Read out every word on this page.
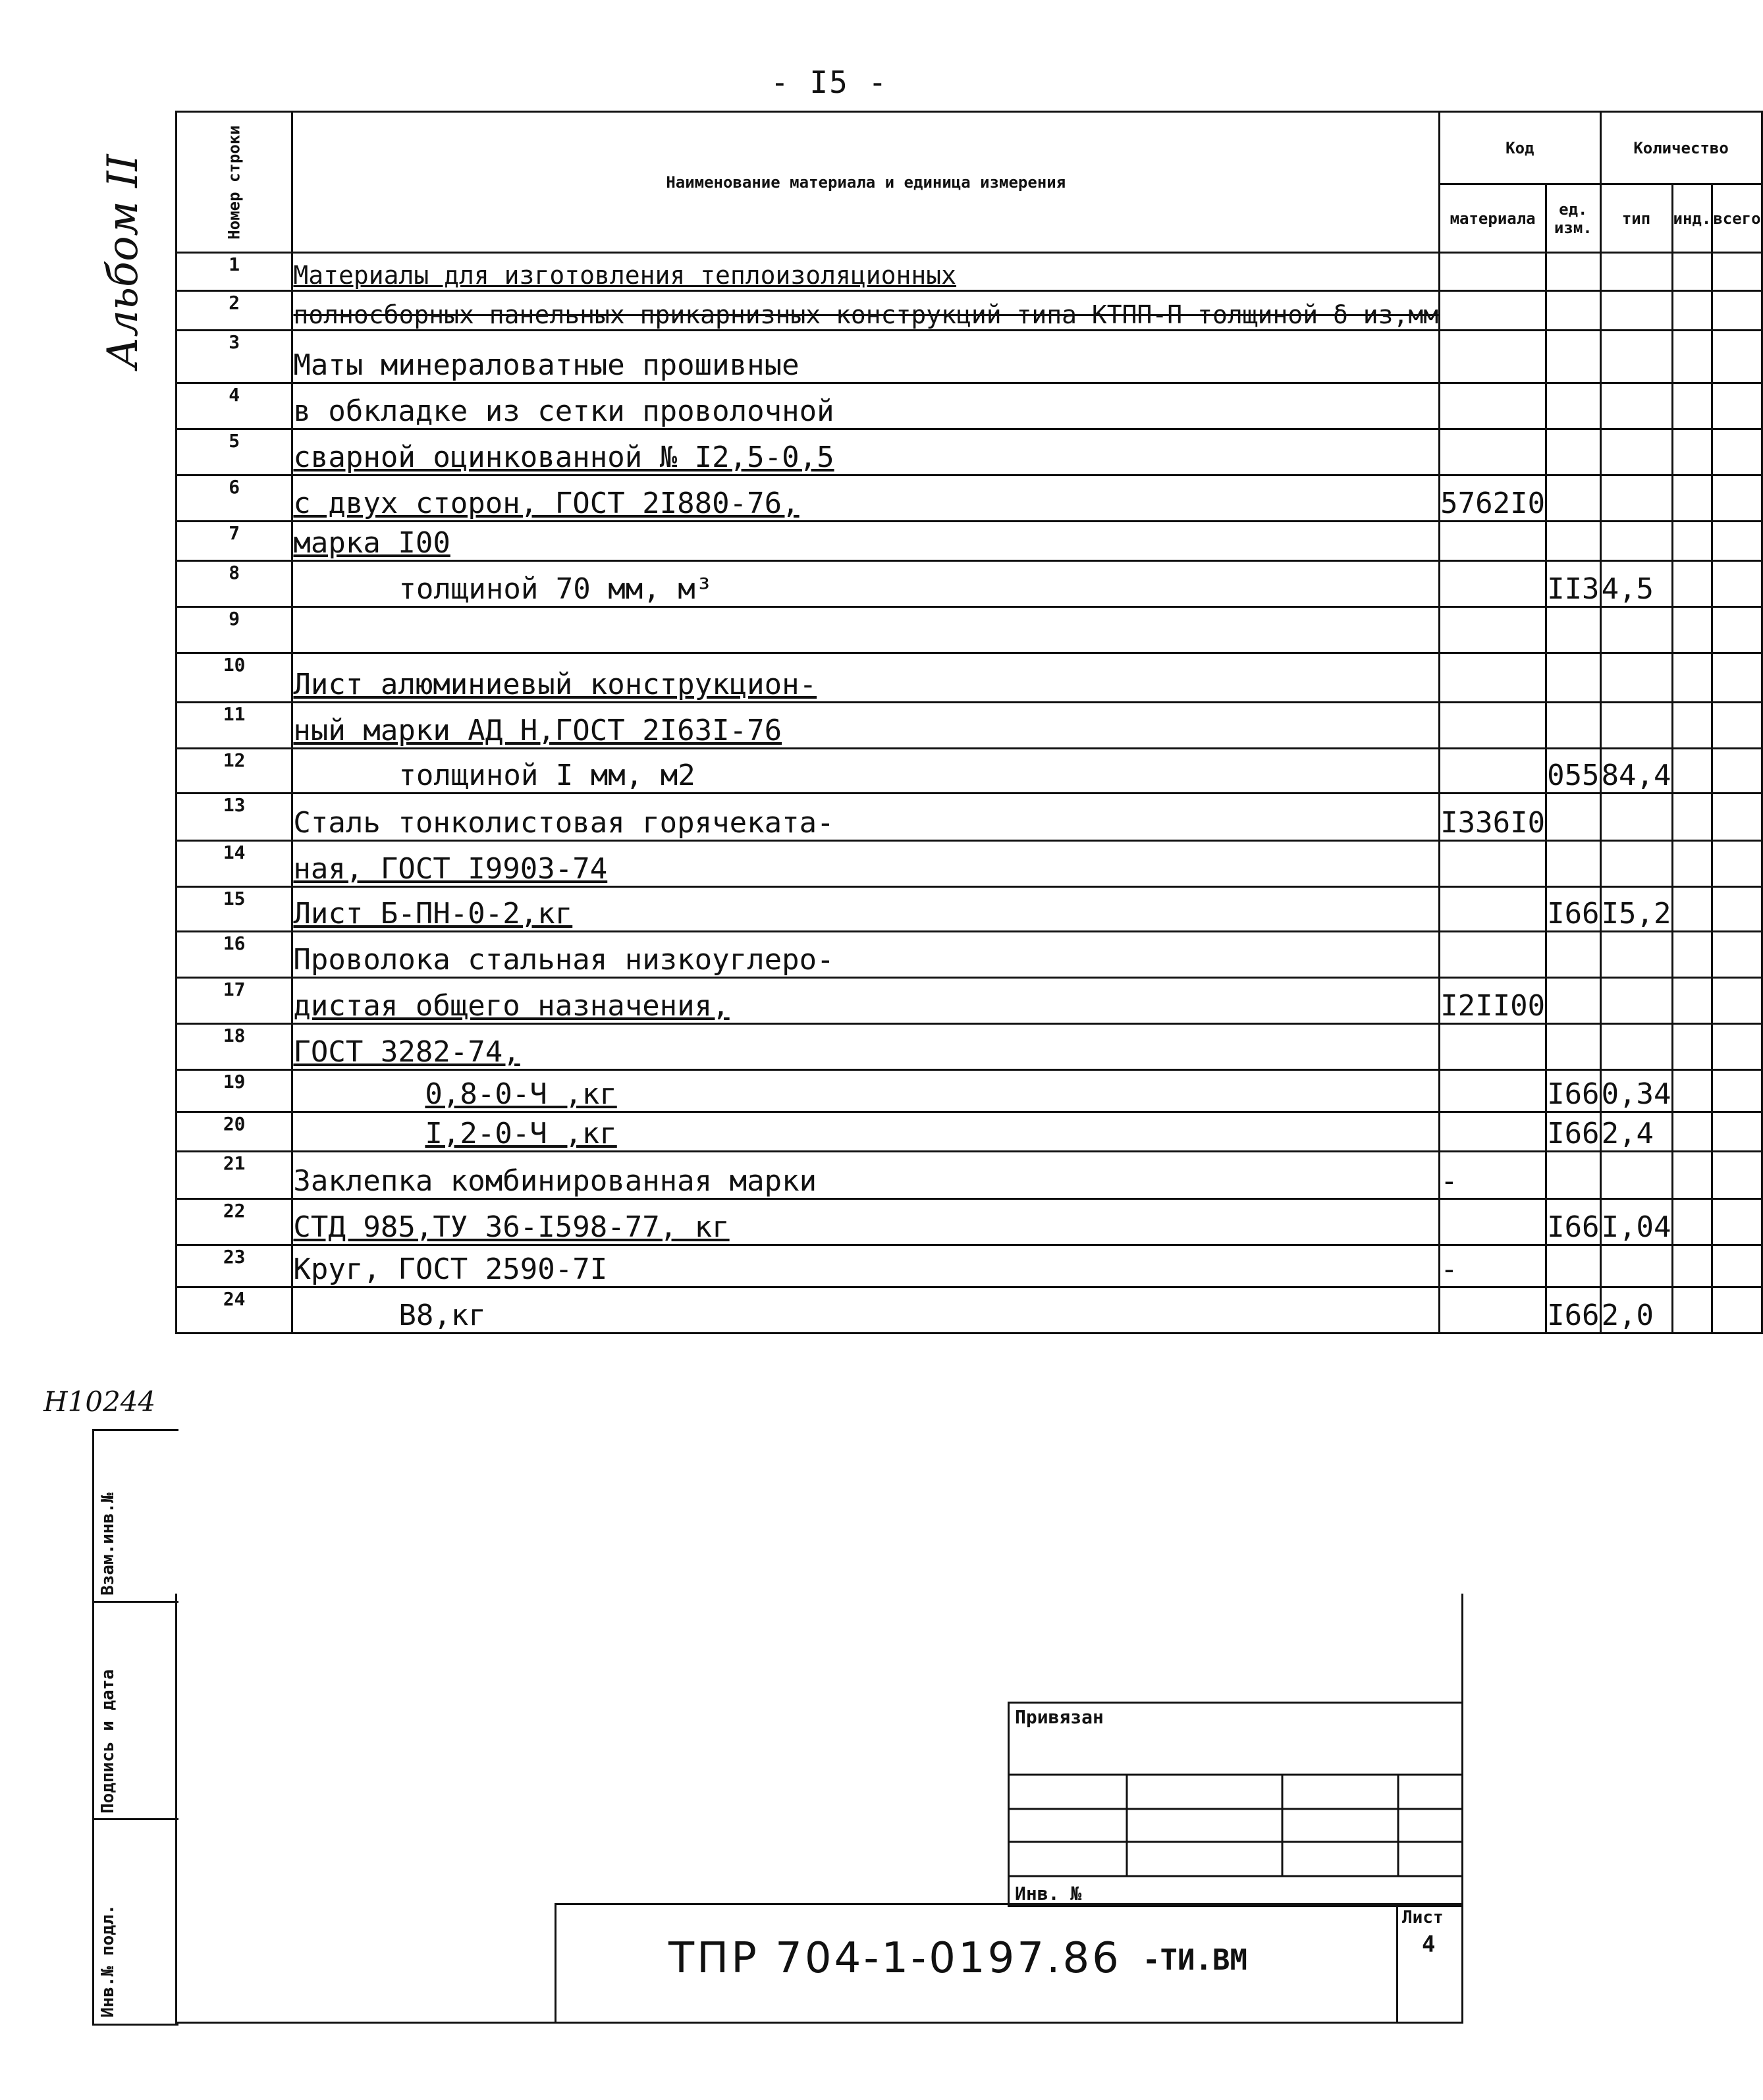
- I5 -
Альбом II
H10244
Номер строки	Наименование материала и единица измерения	Код		Количество		
		материала	ед. изм.	тип	инд.	всего
1	Материалы для изготовления теплоизоляционных					
2	полносборных панельных прикарнизных конструкций типа КТПП-П толщиной δ из,мм					
3	Маты минераловатные прошивные					
4	в обкладке из сетки проволочной					
5	сварной оцинкованной № I2,5-0,5					
6	с двух сторон, ГОСТ 2I880-76,	5762I0				
7	марка I00					
8	толщиной 70 мм, м³		II3	4,5		
9						
10	Лист алюминиевый конструкцион-					
11	ный марки АД Н,ГОСТ 2I63I-76					
12	толщиной I мм, м2		055	84,4		
13	Сталь тонколистовая горячеката-	I336I0				
14	ная, ГОСТ I9903-74					
15	Лист Б-ПН-0-2,кг		I66	I5,2		
16	Проволока стальная низкоуглеро-					
17	дистая общего назначения,	I2II00				
18	ГОСТ 3282-74,					
19	0,8-0-Ч ,кг		I66	0,34		
20	I,2-0-Ч ,кг		I66	2,4		
21	Заклепка комбинированная марки	-				
22	СТД 985,ТУ 36-I598-77, кг		I66	I,04		
23	Круг, ГОСТ 2590-7I	-				
24	В8,кг		I66	2,0		
Взам.инв.№
Подпись и дата
Инв.№ подл.
Привязан
Инв. №
ТПР 704-1-0197.86 -ТИ.ВМ
Лист
4
